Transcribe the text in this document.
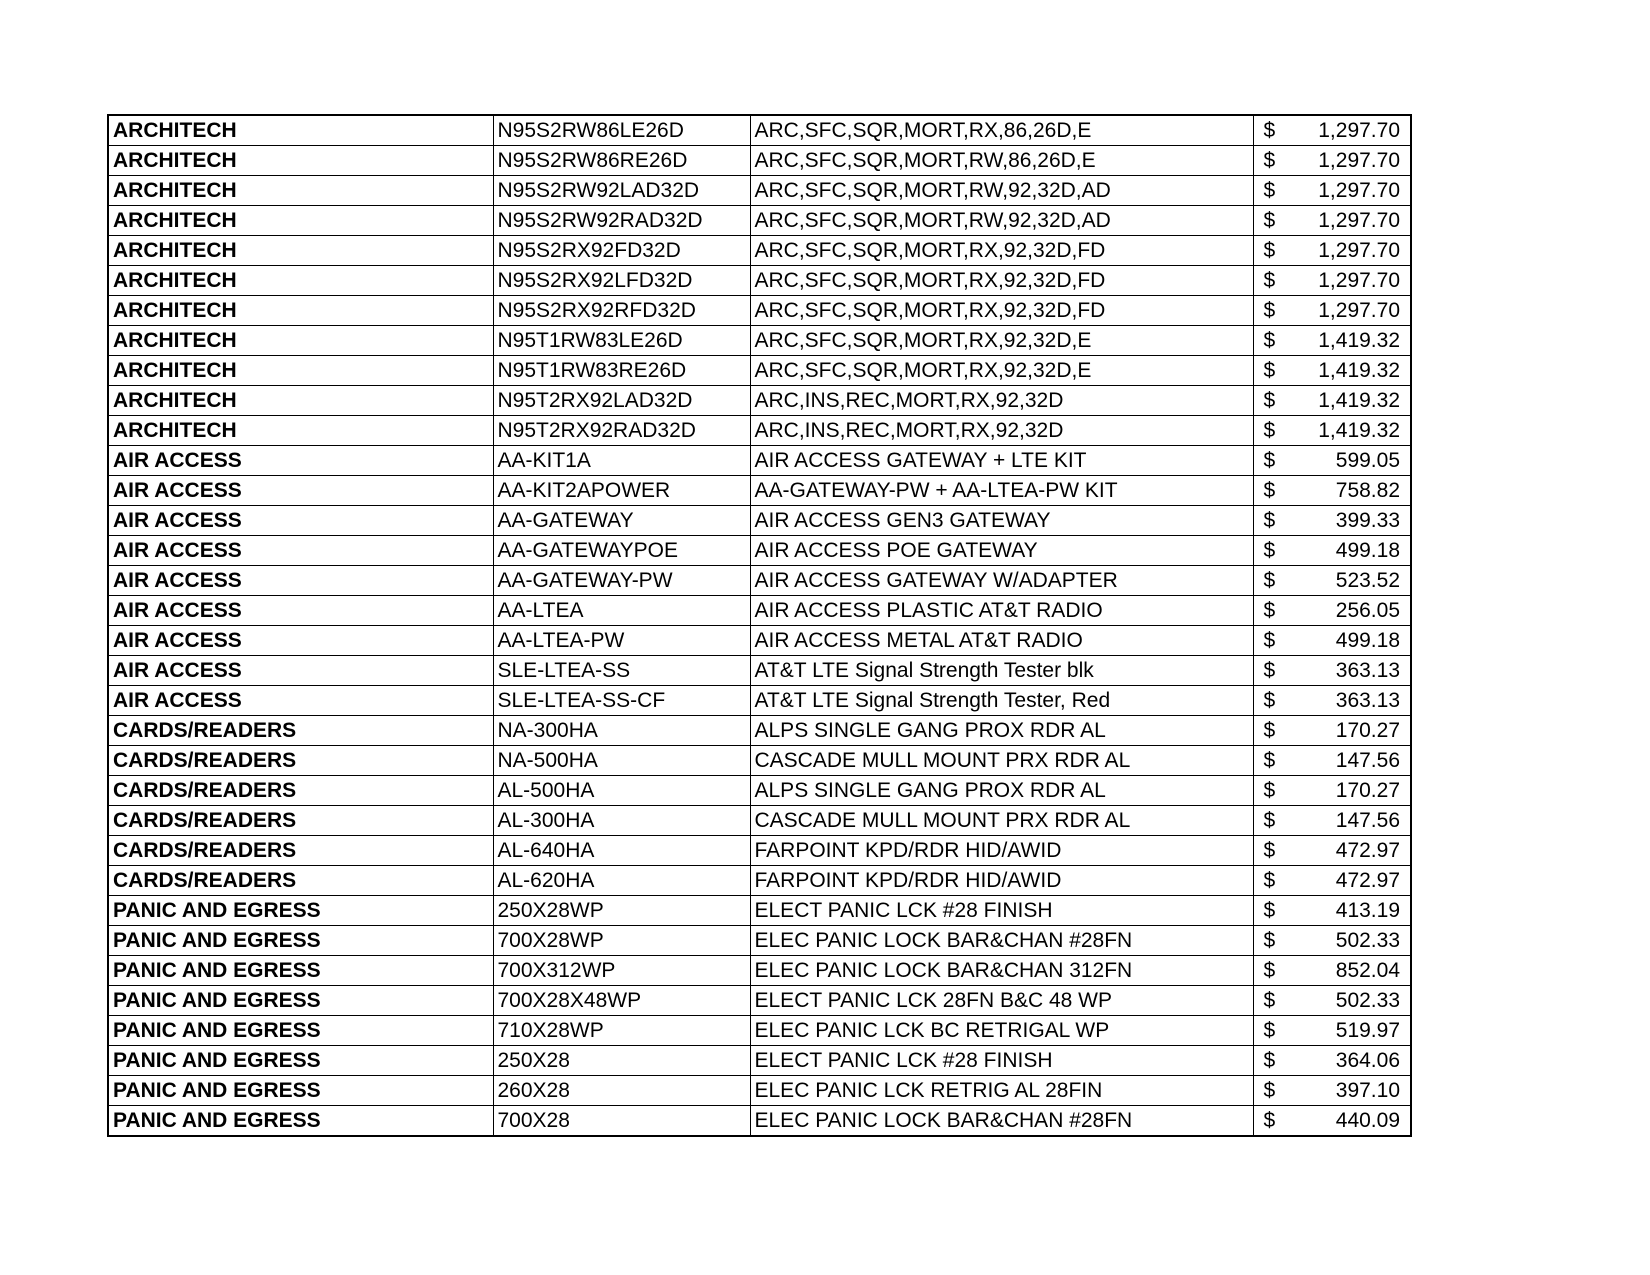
ARCHITECH	N95S2RW86LE26D	ARC,SFC,SQR,MORT,RX,86,26D,E	$	1,297.70
ARCHITECH	N95S2RW86RE26D	ARC,SFC,SQR,MORT,RW,86,26D,E	$	1,297.70
ARCHITECH	N95S2RW92LAD32D	ARC,SFC,SQR,MORT,RW,92,32D,AD	$	1,297.70
ARCHITECH	N95S2RW92RAD32D	ARC,SFC,SQR,MORT,RW,92,32D,AD	$	1,297.70
ARCHITECH	N95S2RX92FD32D	ARC,SFC,SQR,MORT,RX,92,32D,FD	$	1,297.70
ARCHITECH	N95S2RX92LFD32D	ARC,SFC,SQR,MORT,RX,92,32D,FD	$	1,297.70
ARCHITECH	N95S2RX92RFD32D	ARC,SFC,SQR,MORT,RX,92,32D,FD	$	1,297.70
ARCHITECH	N95T1RW83LE26D	ARC,SFC,SQR,MORT,RX,92,32D,E	$	1,419.32
ARCHITECH	N95T1RW83RE26D	ARC,SFC,SQR,MORT,RX,92,32D,E	$	1,419.32
ARCHITECH	N95T2RX92LAD32D	ARC,INS,REC,MORT,RX,92,32D	$	1,419.32
ARCHITECH	N95T2RX92RAD32D	ARC,INS,REC,MORT,RX,92,32D	$	1,419.32
AIR ACCESS	AA-KIT1A	AIR ACCESS GATEWAY + LTE KIT	$	599.05
AIR ACCESS	AA-KIT2APOWER	AA-GATEWAY-PW + AA-LTEA-PW KIT	$	758.82
AIR ACCESS	AA-GATEWAY	AIR ACCESS GEN3 GATEWAY	$	399.33
AIR ACCESS	AA-GATEWAYPOE	AIR ACCESS POE GATEWAY	$	499.18
AIR ACCESS	AA-GATEWAY-PW	AIR ACCESS GATEWAY W/ADAPTER	$	523.52
AIR ACCESS	AA-LTEA	AIR ACCESS PLASTIC AT&T RADIO	$	256.05
AIR ACCESS	AA-LTEA-PW	AIR ACCESS METAL AT&T RADIO	$	499.18
AIR ACCESS	SLE-LTEA-SS	AT&T LTE Signal Strength Tester blk	$	363.13
AIR ACCESS	SLE-LTEA-SS-CF	AT&T LTE Signal Strength Tester, Red	$	363.13
CARDS/READERS	NA-300HA	ALPS SINGLE GANG PROX RDR AL	$	170.27
CARDS/READERS	NA-500HA	CASCADE MULL MOUNT PRX RDR AL	$	147.56
CARDS/READERS	AL-500HA	ALPS SINGLE GANG PROX RDR AL	$	170.27
CARDS/READERS	AL-300HA	CASCADE MULL MOUNT PRX RDR AL	$	147.56
CARDS/READERS	AL-640HA	FARPOINT KPD/RDR HID/AWID	$	472.97
CARDS/READERS	AL-620HA	FARPOINT KPD/RDR HID/AWID	$	472.97
PANIC AND EGRESS	250X28WP	ELECT PANIC LCK #28 FINISH	$	413.19
PANIC AND EGRESS	700X28WP	ELEC PANIC LOCK BAR&CHAN #28FN	$	502.33
PANIC AND EGRESS	700X312WP	ELEC PANIC LOCK BAR&CHAN 312FN	$	852.04
PANIC AND EGRESS	700X28X48WP	ELECT PANIC LCK 28FN B&C 48 WP	$	502.33
PANIC AND EGRESS	710X28WP	ELEC PANIC LCK BC RETRIGAL WP	$	519.97
PANIC AND EGRESS	250X28	ELECT PANIC LCK #28 FINISH	$	364.06
PANIC AND EGRESS	260X28	ELEC PANIC LCK RETRIG AL 28FIN	$	397.10
PANIC AND EGRESS	700X28	ELEC PANIC LOCK BAR&CHAN #28FN	$	440.09
